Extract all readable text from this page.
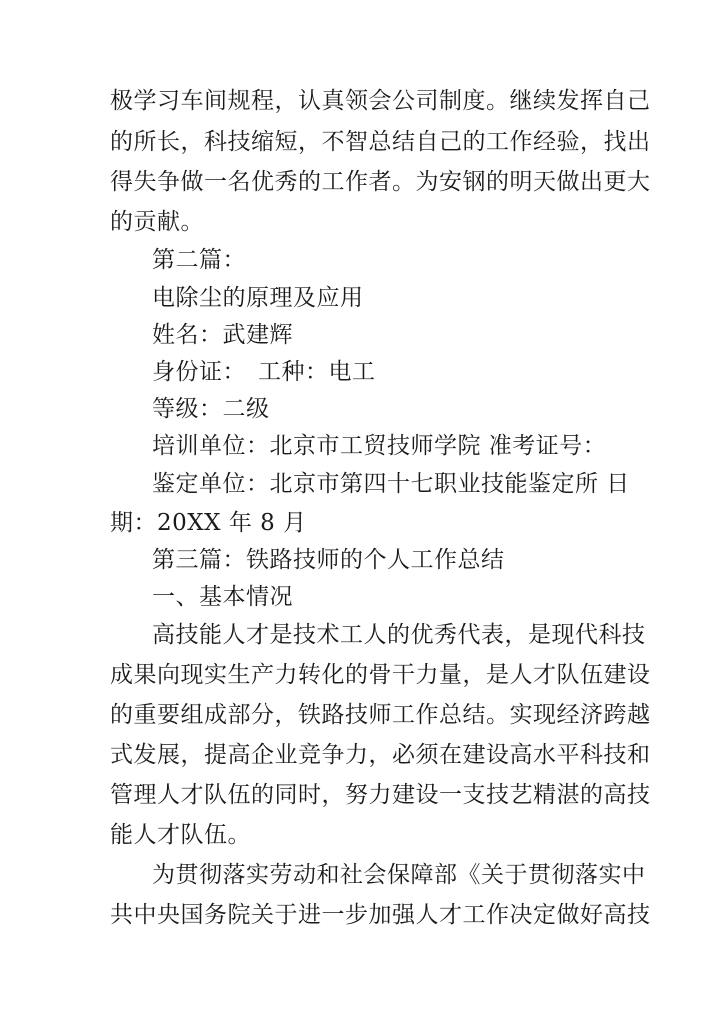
极学习车间规程，认真领会公司制度。继续发挥自己
的所长，科技缩短，不智总结自己的工作经验，找出
得失争做一名优秀的工作者。为安钢的明天做出更大
的贡献。
第二篇：
电除尘的原理及应用
姓名：武建辉
身份证：　工种：电工
等级：二级
培训单位：北京市工贸技师学院 准考证号：
鉴定单位：北京市第四十七职业技能鉴定所 日
期：20XX 年 8 月
第三篇：铁路技师的个人工作总结
一、基本情况
高技能人才是技术工人的优秀代表，是现代科技
成果向现实生产力转化的骨干力量，是人才队伍建设
的重要组成部分，铁路技师工作总结。实现经济跨越
式发展，提高企业竞争力，必须在建设高水平科技和
管理人才队伍的同时，努力建设一支技艺精湛的高技
能人才队伍。
为贯彻落实劳动和社会保障部《关于贯彻落实中
共中央国务院关于进一步加强人才工作决定做好高技
